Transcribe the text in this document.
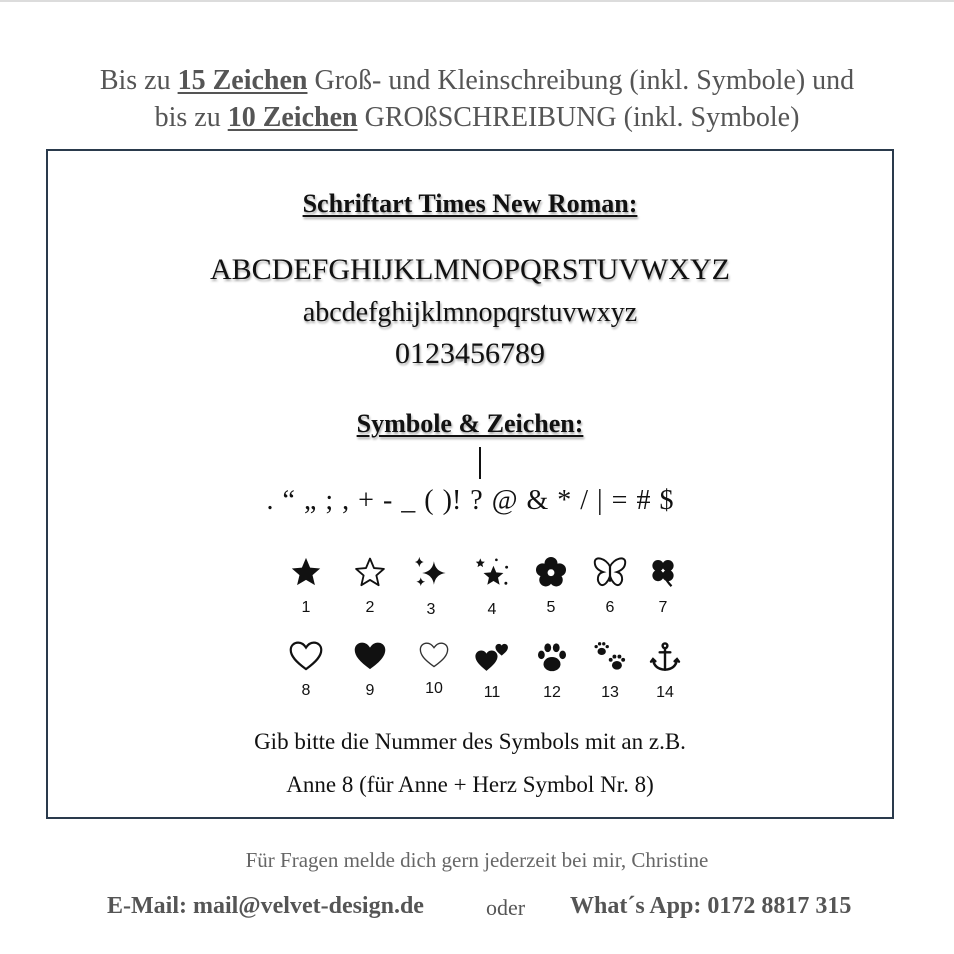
Bis zu 15 Zeichen Groß- und Kleinschreibung (inkl. Symbole) und
bis zu 10 Zeichen GROßSCHREIBUNG (inkl. Symbole)
Schriftart Times New Roman:
ABCDEFGHIJKLMNOPQRSTUVWXYZ
abcdefghijklmnopqrstuvwxyz
0123456789
Symbole & Zeichen:
. “ „ ; , + - _ ( )! ? @ & * / | = # $
1	2	3	4	5	6	7
8	9	10	11	12	13	14
Gib bitte die Nummer des Symbols mit an z.B.
Anne 8 (für Anne + Herz Symbol Nr. 8)
Für Fragen melde dich gern jederzeit bei mir, Christine
E-Mail: mail@velvet-design.de	oder What´s App: 0172 8817 315
